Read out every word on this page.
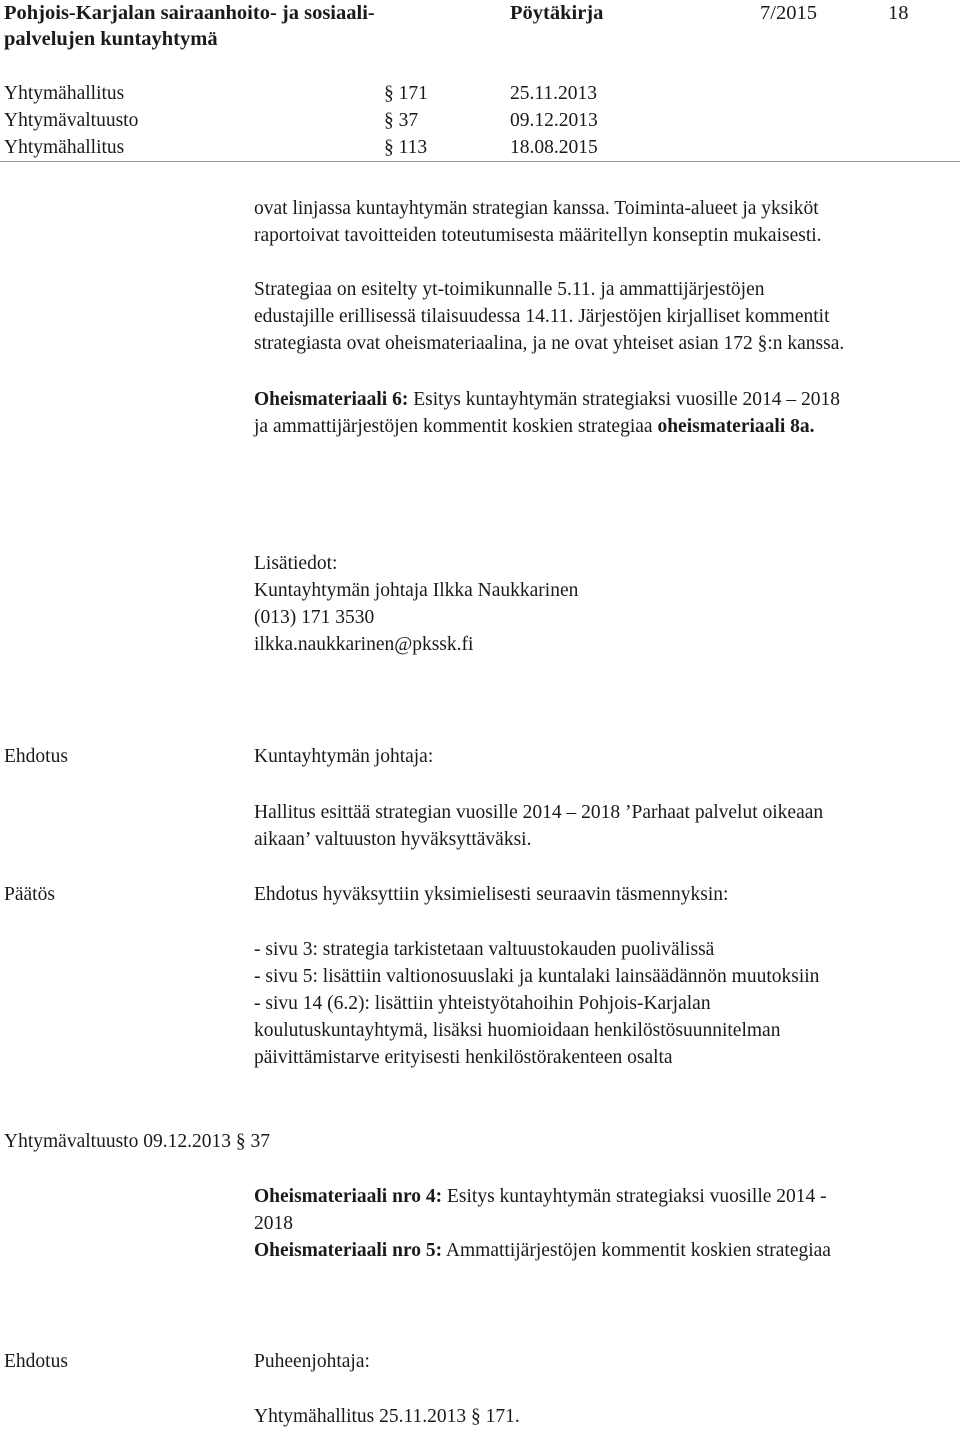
Pohjois-Karjalan sairaanhoito- ja sosiaali-
palvelujen kuntayhtymä
Pöytäkirja	7/2015	18
Yhtymähallitus	§ 171	25.11.2013
Yhtymävaltuusto	§ 37	09.12.2013
Yhtymähallitus	§ 113	18.08.2015
ovat linjassa kuntayhtymän strategian kanssa. Toiminta-alueet ja yksiköt
raportoivat tavoitteiden toteutumisesta määritellyn konseptin mukaisesti.
Strategiaa on esitelty yt-toimikunnalle 5.11. ja ammattijärjestöjen
edustajille erillisessä tilaisuudessa 14.11. Järjestöjen kirjalliset kommentit
strategiasta ovat oheismateriaalina, ja ne ovat yhteiset asian 172 §:n kanssa.
Oheismateriaali 6: Esitys kuntayhtymän strategiaksi vuosille 2014 – 2018
ja ammattijärjestöjen kommentit koskien strategiaa oheismateriaali 8a.
Lisätiedot:
Kuntayhtymän johtaja Ilkka Naukkarinen
(013) 171 3530
ilkka.naukkarinen@pkssk.fi
Ehdotus	Kuntayhtymän johtaja:
Hallitus esittää strategian vuosille 2014 – 2018 ’Parhaat palvelut oikeaan
aikaan’ valtuuston hyväksyttäväksi.
Päätös	Ehdotus hyväksyttiin yksimielisesti seuraavin täsmennyksin:
- sivu 3: strategia tarkistetaan valtuustokauden puolivälissä
- sivu 5: lisättiin valtionosuuslaki ja kuntalaki lainsäädännön muutoksiin
- sivu 14 (6.2): lisättiin yhteistyötahoihin Pohjois-Karjalan
koulutuskuntayhtymä, lisäksi huomioidaan henkilöstösuunnitelman
päivittämistarve erityisesti henkilöstörakenteen osalta
Yhtymävaltuusto 09.12.2013 § 37
Oheismateriaali nro 4: Esitys kuntayhtymän strategiaksi vuosille 2014 -
2018
Oheismateriaali nro 5: Ammattijärjestöjen kommentit koskien strategiaa
Ehdotus	Puheenjohtaja:
Yhtymähallitus 25.11.2013 § 171.
